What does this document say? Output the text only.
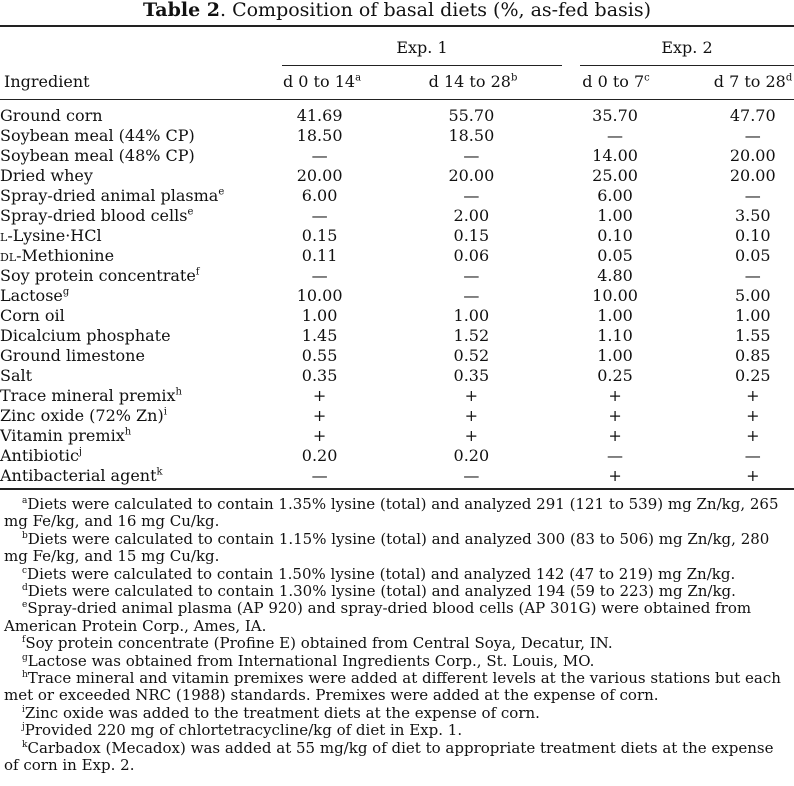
Table 2. Composition of basal diets (%, as-fed basis)
Exp. 1	Exp. 2
Ingredient	d 0 to 14$^a$	d 14 to 28$^b$	d 0 to 7$^c$	d 7 to 28$^d$
Ground corn	41.69		55.70		35.70		47.70
Soybean meal (44% CP)	18.50		18.50		—		—
Soybean meal (48% CP)	—		—		14.00		20.00
Dried whey	20.00		20.00		25.00		20.00
Spray-dried animal plasma$^e$	6.00		—		6.00		—
Spray-dried blood cells$^e$	—		2.00		1.00		3.50
l-Lysine·HCl	0.15		0.15		0.10		0.10
dl-Methionine	0.11		0.06		0.05		0.05
Soy protein concentrate$^f$	—		—		4.80		—
Lactose$^g$	10.00		—		10.00		5.00
Corn oil	1.00		1.00		1.00		1.00
Dicalcium phosphate	1.45		1.52		1.10		1.55
Ground limestone	0.55		0.52		1.00		0.85
Salt	0.35		0.35		0.25		0.25
Trace mineral premix$^h$	+		+		+		+
Zinc oxide (72% Zn)$^i$	+		+		+		+
Vitamin premix$^h$	+		+		+		+
Antibiotic$^j$	0.20		0.20		—		—
Antibacterial agent$^k$	—		—		+		+

$^a$Diets were calculated to contain 1.35% lysine (total) and analyzed 291 (121 to 539) mg Zn/kg, 265 mg Fe/kg, and 16 mg Cu/kg.

$^b$Diets were calculated to contain 1.15% lysine (total) and analyzed 300 (83 to 506) mg Zn/kg, 280 mg Fe/kg, and 15 mg Cu/kg.

$^c$Diets were calculated to contain 1.50% lysine (total) and analyzed 142 (47 to 219) mg Zn/kg.

$^d$Diets were calculated to contain 1.30% lysine (total) and analyzed 194 (59 to 223) mg Zn/kg.

$^e$Spray-dried animal plasma (AP 920) and spray-dried blood cells (AP 301G) were obtained from American Protein Corp., Ames, IA.

$^f$Soy protein concentrate (Profine E) obtained from Central Soya, Decatur, IN.

$^g$Lactose was obtained from International Ingredients Corp., St. Louis, MO.

$^h$Trace mineral and vitamin premixes were added at different levels at the various stations but each met or exceeded NRC (1988) standards. Premixes were added at the expense of corn.

$^i$Zinc oxide was added to the treatment diets at the expense of corn.

$^j$Provided 220 mg of chlortetracycline/kg of diet in Exp. 1.

$^k$Carbadox (Mecadox) was added at 55 mg/kg of diet to appropriate treatment diets at the expense of corn in Exp. 2.
